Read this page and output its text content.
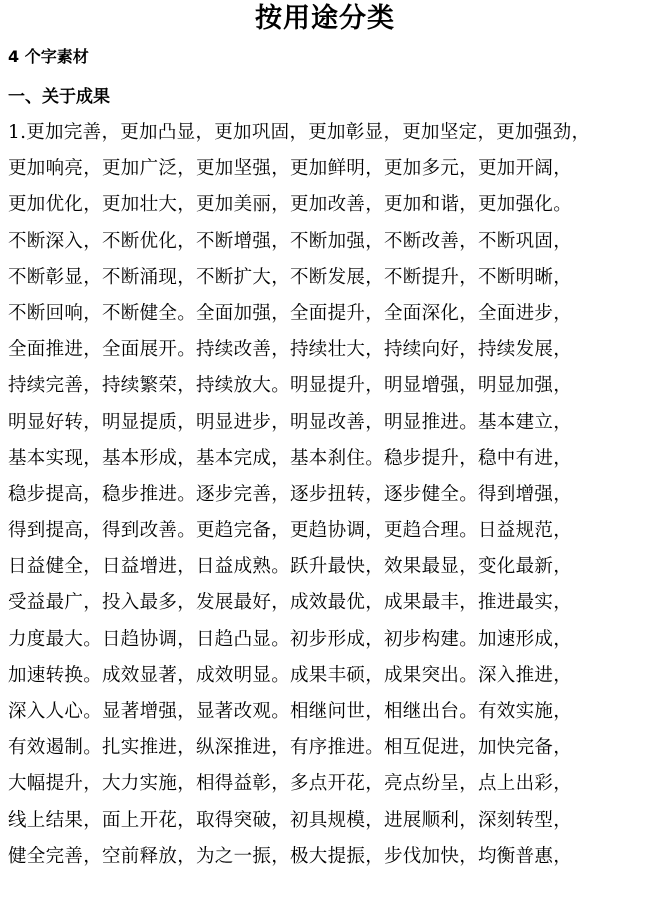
按用途分类
4 个字素材
一、关于成果
1.更加完善，更加凸显，更加巩固，更加彰显，更加坚定，更加强劲，
更加响亮，更加广泛，更加坚强，更加鲜明，更加多元，更加开阔，
更加优化，更加壮大，更加美丽，更加改善，更加和谐，更加强化。
不断深入，不断优化，不断增强，不断加强，不断改善，不断巩固，
不断彰显，不断涌现，不断扩大，不断发展，不断提升，不断明晰，
不断回响，不断健全。全面加强，全面提升，全面深化，全面进步，
全面推进，全面展开。持续改善，持续壮大，持续向好，持续发展，
持续完善，持续繁荣，持续放大。明显提升，明显增强，明显加强，
明显好转，明显提质，明显进步，明显改善，明显推进。基本建立，
基本实现，基本形成，基本完成，基本刹住。稳步提升，稳中有进，
稳步提高，稳步推进。逐步完善，逐步扭转，逐步健全。得到增强，
得到提高，得到改善。更趋完备，更趋协调，更趋合理。日益规范，
日益健全，日益增进，日益成熟。跃升最快，效果最显，变化最新，
受益最广，投入最多，发展最好，成效最优，成果最丰，推进最实，
力度最大。日趋协调，日趋凸显。初步形成，初步构建。加速形成，
加速转换。成效显著，成效明显。成果丰硕，成果突出。深入推进，
深入人心。显著增强，显著改观。相继问世，相继出台。有效实施，
有效遏制。扎实推进，纵深推进，有序推进。相互促进，加快完备，
大幅提升，大力实施，相得益彰，多点开花，亮点纷呈，点上出彩，
线上结果，面上开花，取得突破，初具规模，进展顺利，深刻转型，
健全完善，空前释放，为之一振，极大提振，步伐加快，均衡普惠，
